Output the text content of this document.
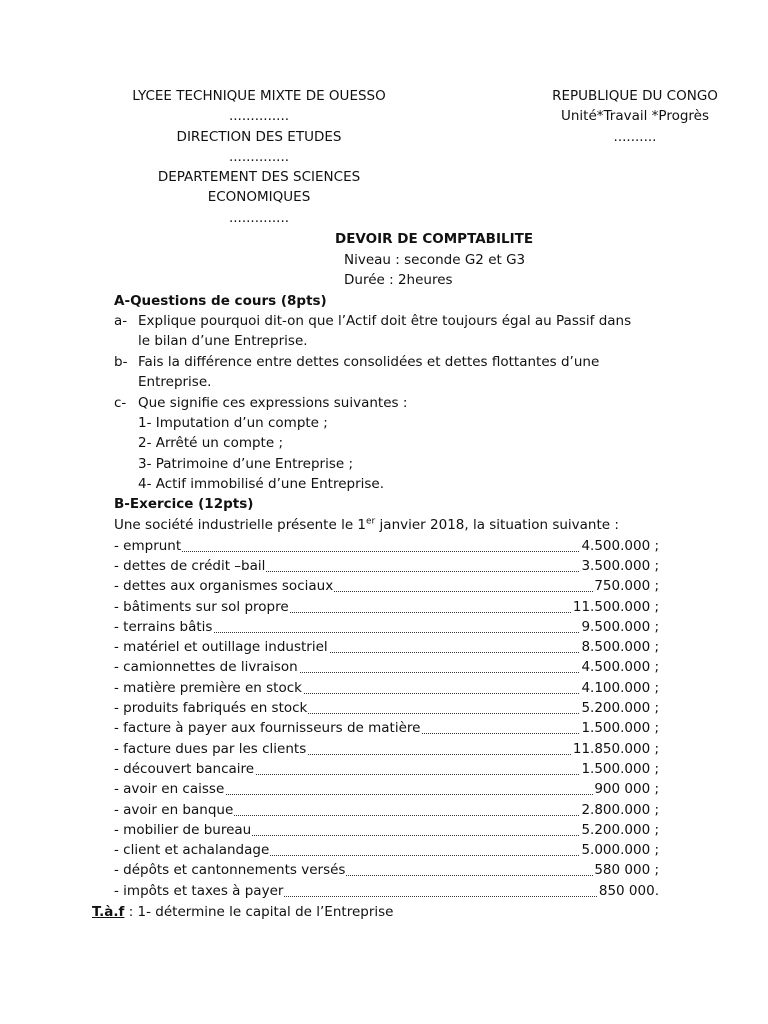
LYCEE TECHNIQUE MIXTE DE OUESSO
..............
DIRECTION DES ETUDES
..............
DEPARTEMENT DES SCIENCES
ECONOMIQUES
..............
REPUBLIQUE DU CONGO
Unité*Travail *Progrès
..........
DEVOIR DE COMPTABILITE
Niveau : seconde G2 et G3
Durée : 2heures
A-Questions de cours (8pts)
a- Explique pourquoi dit-on que l’Actif doit être toujours égal au Passif dans
le bilan d’une Entreprise.
b- Fais la différence entre dettes consolidées et dettes flottantes d’une
Entreprise.
c- Que signifie ces expressions suivantes :
1- Imputation d’un compte ;
2- Arrêté un compte ;
3- Patrimoine d’une Entreprise ;
4- Actif immobilisé d’une Entreprise.
B-Exercice (12pts)
Une société industrielle présente le 1er janvier 2018, la situation suivante :
- emprunt	4.500.000 ;
- dettes de crédit –bail	3.500.000 ;
- dettes aux organismes sociaux	750.000 ;
- bâtiments sur sol propre	11.500.000 ;
- terrains bâtis	9.500.000 ;
- matériel et outillage industriel	8.500.000 ;
- camionnettes de livraison	4.500.000 ;
- matière première en stock	4.100.000 ;
- produits fabriqués en stock	5.200.000 ;
- facture à payer aux fournisseurs de matière	1.500.000 ;
- facture dues par les clients	11.850.000 ;
- découvert bancaire	1.500.000 ;
- avoir en caisse	900 000 ;
- avoir en banque	2.800.000 ;
- mobilier de bureau	5.200.000 ;
- client et achalandage	5.000.000 ;
- dépôts et cantonnements versés	580 000 ;
- impôts et taxes à payer	850 000.
T.à.f : 1- détermine le capital de l’Entreprise
